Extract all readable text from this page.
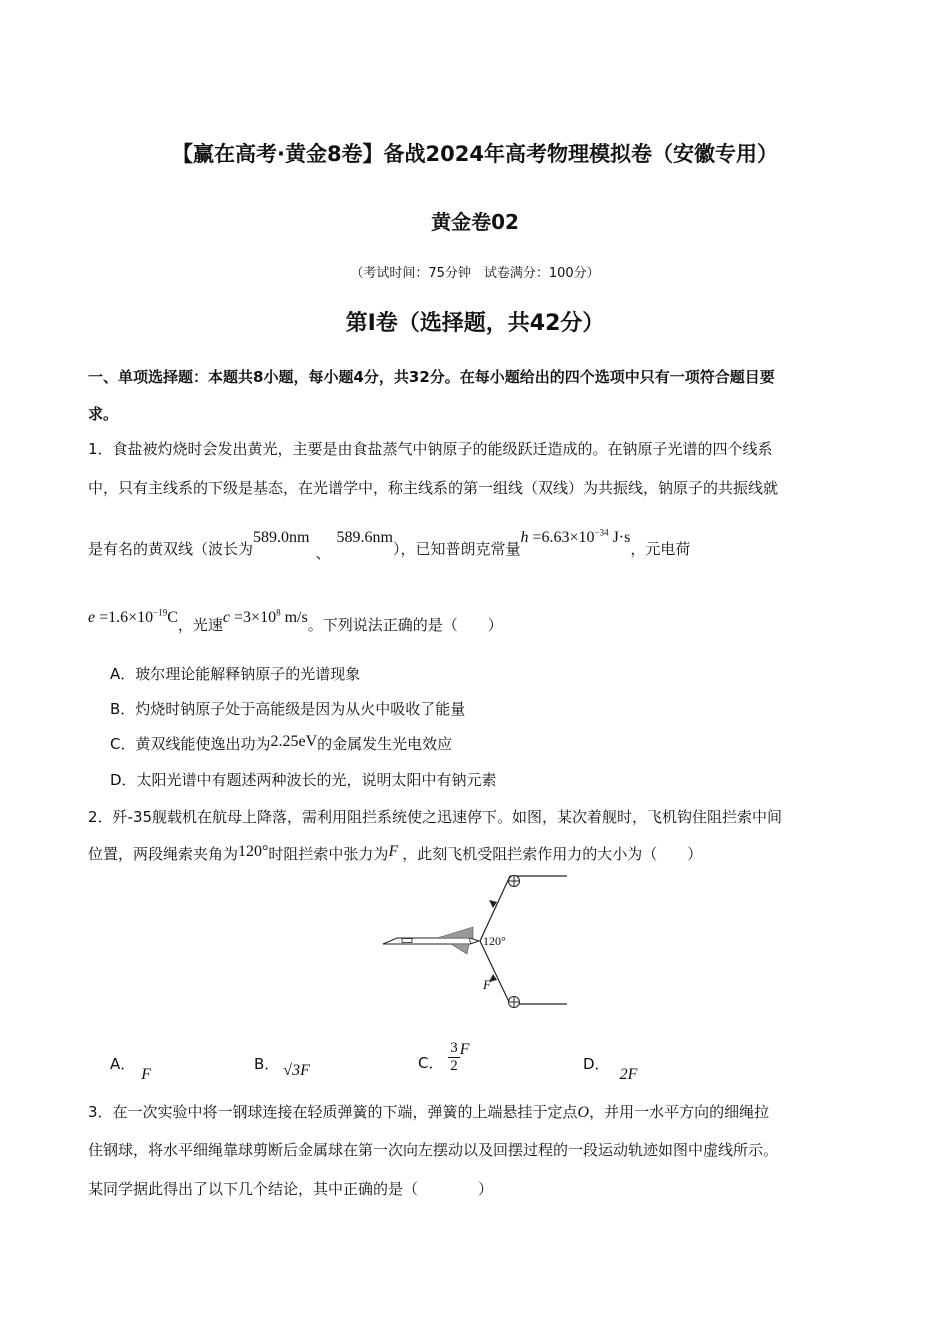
【赢在高考·黄金8卷】备战2024年高考物理模拟卷（安徽专用）
黄金卷02
（考试时间：75分钟　试卷满分：100分）
第I卷（选择题，共42分）
一、单项选择题：本题共8小题，每小题4分，共32分。在每小题给出的四个选项中只有一项符合题目要
求。
1．食盐被灼烧时会发出黄光，主要是由食盐蒸气中钠原子的能级跃迁造成的。在钠原子光谱的四个线系
中，只有主线系的下级是基态，在光谱学中，称主线系的第一组线（双线）为共振线，钠原子的共振线就
是有名的黄双线（波长为589.0nm、589.6nm），已知普朗克常量$h =6.63\times 10^{-34}$ J·s，元电荷
$e =1.6\times 10^{-19}C$，光速$c =3\times 10^8$ m/s。下列说法正确的是（　　）
A．玻尔理论能解释钠原子的光谱现象
B．灼烧时钠原子处于高能级是因为从火中吸收了能量
C．黄双线能使逸出功为2.25eV的金属发生光电效应
D．太阳光谱中有题述两种波长的光，说明太阳中有钠元素
2．歼-35舰载机在航母上降落，需利用阻拦系统使之迅速停下。如图，某次着舰时，飞机钩住阻拦索中间
位置，两段绳索夹角为120°时阻拦索中张力为F ，此刻飞机受阻拦索作用力的大小为（　　）
120°
F
A．F
B． √3F	C． $\frac{3}{2}$ F
D．2F
3．在一次实验中将一钢球连接在轻质弹簧的下端，弹簧的上端悬挂于定点O，并用一水平方向的细绳拉
住钢球，将水平细绳靠球剪断后金属球在第一次向左摆动以及回摆过程的一段运动轨迹如图中虚线所示。
某同学据此得出了以下几个结论，其中正确的是（　　　　）
